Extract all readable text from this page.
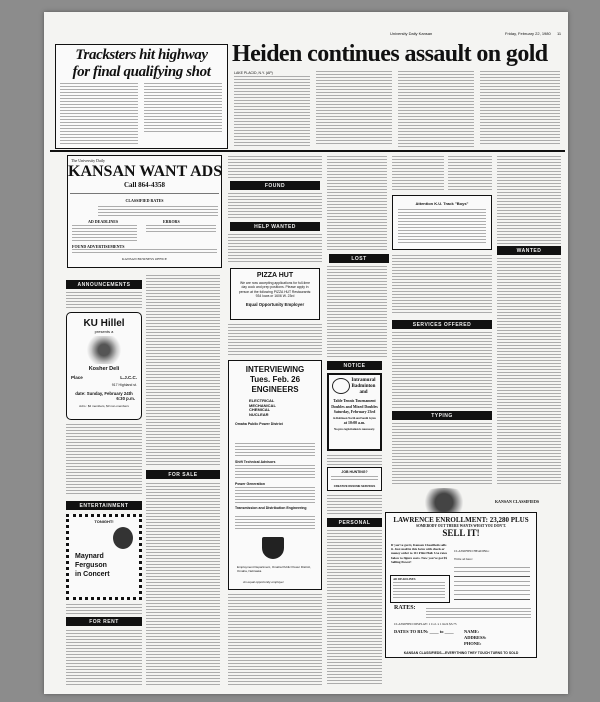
University Daily Kansan	Friday, February 22, 1980 11
Tracksters hit highway
for final qualifying shot
Heiden continues assault on gold
LAKE PLACID, N.Y. (AP)
The University Daily
KANSAN WANT ADS
Call 864-4358
CLASSIFIED RATES
AD DEADLINES	ERRORS
FOUND ADVERTISEMENTS
KANSAN BUSINESS OFFICE
ANNOUNCEMENTS
KU Hillel
presents a
Kosher Deli
Place	L.J.C.C.
917 Highland st.
date: Sunday, February 24th
6:30 p.m.
Adm.: $2 members, $3 non-members
ENTERTAINMENT
TONIGHT!
Maynard
Ferguson
in Concert
FOR RENT
FOR SALE
FOUND
HELP WANTED
PIZZA HUT
We are now accepting applications for full-time day cook and prep positions. Please apply in person at the following PIZZA HUT Restaurants: 934 Iowa or 1606 W. 23rd
Equal Opportunity Employer
INTERVIEWING
Tues. Feb. 26
ENGINEERS
ELECTRICAL
MECHANICAL
CHEMICAL
NUCLEAR
Omaha Public Power District
Shift Technical Advisors
Power Generation
Transmission and Distribution Engineering
Employment Department, Omaha Public Power District, Omaha, Nebraska
An equal opportunity employer
LOST
NOTICE
Intramural
Badminton
and
Table Tennis Tournament
Doubles and Mixed Doubles
Saturday, February 23rd
in Robinson North and South Gyms
at 10:00 a.m.
No pre-registration is necessary.
JOB HUNTING?
CREATIVE RESUME SERVICES
PERSONAL
Attention K.U. Track "Boys"
SERVICES OFFERED
TYPING
WANTED
KANSAN CLASSIFIEDS
LAWRENCE ENROLLMENT: 23,280 PLUS
SOMEBODY OUT THERE WANTS WHAT YOU DON'T.
SELL IT!
If you've got it, Kansan Classifieds sells it. Just mail in this form with check or money order to 111 Flint Hall. Use rates below to figure costs. Now you've got $$ Selling Power!
AD DEADLINES
CLASSIFIED HEADING:
Write ad here:
RATES:
CLASSIFIED DISPLAY: 1 Col. x 1 Inch $3.75
DATES TO RUN: ____ to ____ NAME:
ADDRESS:
PHONE:
KANSAN CLASSIFIEDS—EVERYTHING THEY TOUCH TURNS TO SOLD
